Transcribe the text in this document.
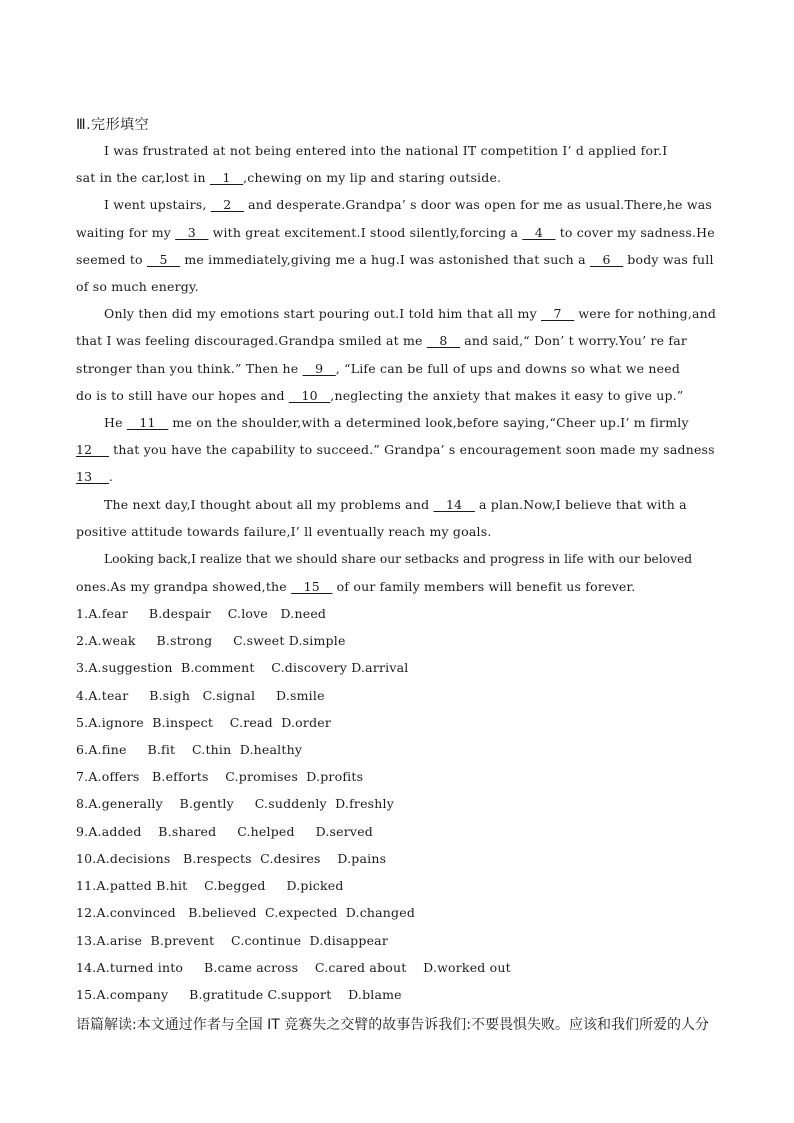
Ⅲ.完形填空
I was frustrated at not being entered into the national IT competition I’ d applied for.I
sat in the car,lost in    1   ,chewing on my lip and staring outside.
I went upstairs,    2    and desperate.Grandpa’ s door was open for me as usual.There,he was
waiting for my    3    with great excitement.I stood silently,forcing a    4    to cover my sadness.He
seemed to    5    me immediately,giving me a hug.I was astonished that such a    6    body was full
of so much energy.
Only then did my emotions start pouring out.I told him that all my    7    were for nothing,and
that I was feeling discouraged.Grandpa smiled at me    8    and said,“ Don’ t worry.You’ re far
stronger than you think.” Then he    9   , “Life can be full of ups and downs so what we need
do is to still have our hopes and    10   ,neglecting the anxiety that makes it easy to give up.”
He    11    me on the shoulder,with a determined look,before saying,“Cheer up.I’ m firmly
12     that you have the capability to succeed.” Grandpa’ s encouragement soon made my sadness
13    .
The next day,I thought about all my problems and    14    a plan.Now,I believe that with a
positive attitude towards failure,I’ ll eventually reach my goals.
Looking back,I realize that we should share our setbacks and progress in life with our beloved
ones.As my grandpa showed,the    15    of our family members will benefit us forever.
1.A.fear     B.despair    C.love   D.need
2.A.weak     B.strong     C.sweet D.simple
3.A.suggestion  B.comment    C.discovery D.arrival
4.A.tear     B.sigh   C.signal     D.smile
5.A.ignore  B.inspect    C.read  D.order
6.A.fine     B.fit    C.thin  D.healthy
7.A.offers   B.efforts    C.promises  D.profits
8.A.generally    B.gently     C.suddenly  D.freshly
9.A.added    B.shared     C.helped     D.served
10.A.decisions   B.respects  C.desires    D.pains
11.A.patted B.hit    C.begged     D.picked
12.A.convinced   B.believed  C.expected  D.changed
13.A.arise  B.prevent    C.continue  D.disappear
14.A.turned into     B.came across    C.cared about    D.worked out
15.A.company     B.gratitude C.support    D.blame
语篇解读:本文通过作者与全国 IT 竞赛失之交臂的故事告诉我们:不要畏惧失败。应该和我们所爱的人分
